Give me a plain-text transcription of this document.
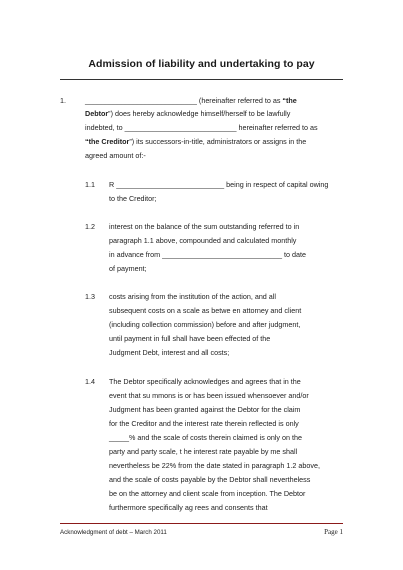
Admission of liability and undertaking to pay
1.	____________________________ (hereinafter referred to as “the
Debtor”) does hereby acknowledge himself/herself to be lawfully
indebted, to ____________________________ hereinafter referred to as
“the Creditor”) its successors-in-title, administrators or assigns in the
agreed amount of:-
1.1 R ___________________________ being in respect of capital owing
to the Creditor;
1.2 interest on the balance of the sum outstanding referred to in
paragraph 1.1 above, compounded and calculated monthly
in advance from ______________________________ to date
of payment;
1.3 costs arising from the institution of the action, and all
subsequent costs on a scale as betwe en attorney and client
(including collection commission) before and after judgment,
until payment in full shall have been effected of the
Judgment Debt, interest and all costs;
1.4 The Debtor specifically acknowledges and agrees that in the
event that su mmons is or has been issued whensoever and/or
Judgment has been granted against the Debtor for the claim
for the Creditor and the interest rate therein reflected is only
_____% and the scale of costs therein claimed is only on the
party and party scale, t he interest rate payable by me shall
nevertheless be 22% from the date stated in paragraph 1.2 above,
and the scale of costs payable by the Debtor shall nevertheless
be on the attorney and client scale from inception. The Debtor
furthermore specifically ag rees and consents that
Acknowledgment of debt – March 2011	Page 1
